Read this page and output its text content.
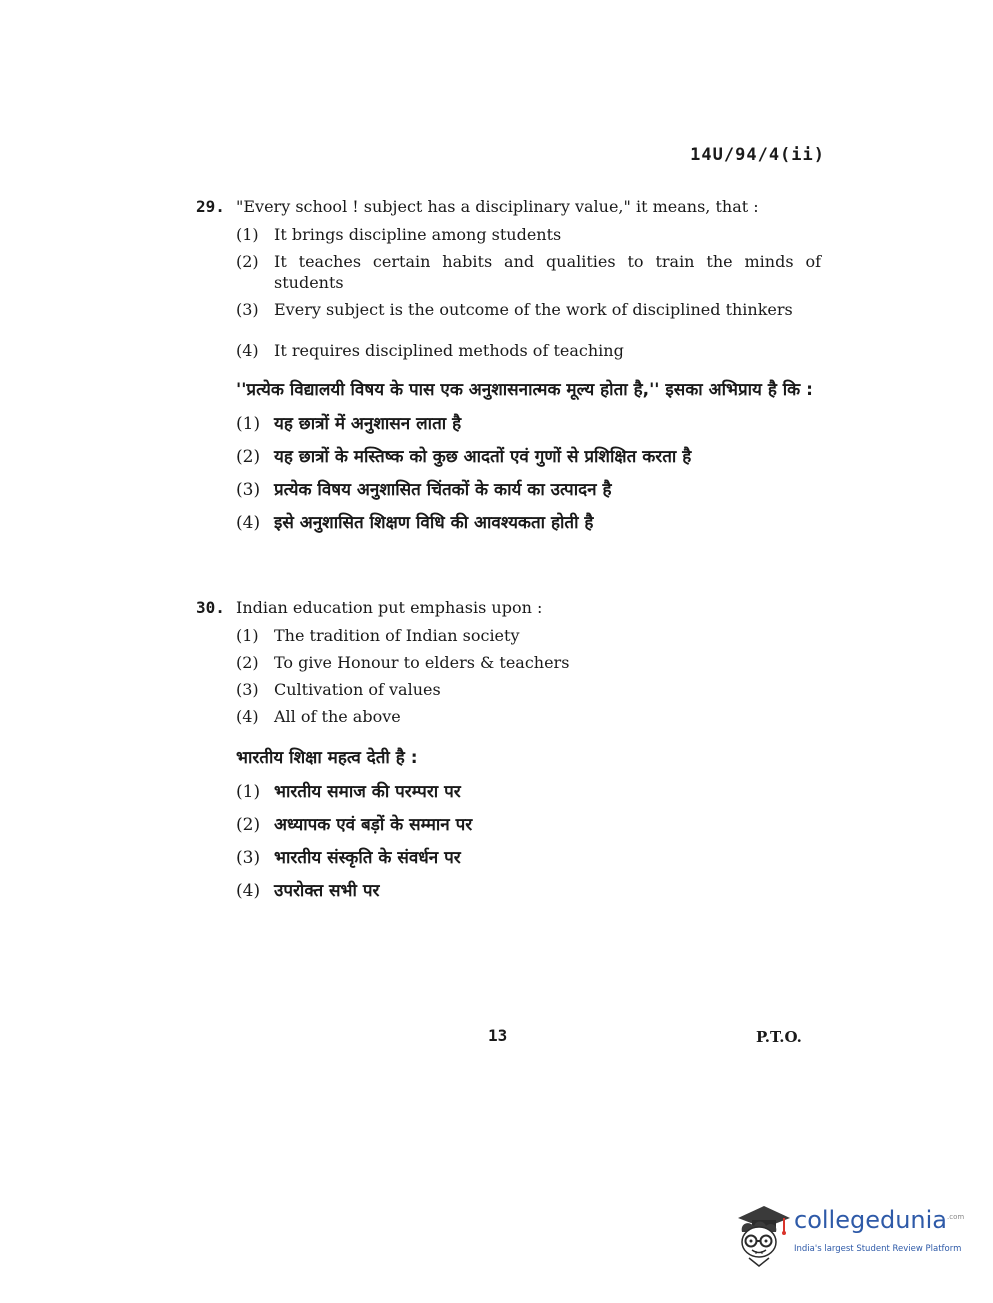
14U/94/4(ii)
29. "Every school ! subject has a disciplinary value," it means, that :
(1) It brings discipline among students
(2) It teaches certain habits and qualities to train the minds of students
(3) Every subject is the outcome of the work of disciplined thinkers
(4) It requires disciplined methods of teaching
''प्रत्येक विद्यालयी विषय के पास एक अनुशासनात्मक मूल्य होता है,'' इसका अभिप्राय है कि :
(1) यह छात्रों में अनुशासन लाता है
(2) यह छात्रों के मस्तिष्क को कुछ आदतों एवं गुणों से प्रशिक्षित करता है
(3) प्रत्येक विषय अनुशासित चिंतकों के कार्य का उत्पादन है
(4) इसे अनुशासित शिक्षण विधि की आवश्यकता होती है
30. Indian education put emphasis upon :
(1) The tradition of Indian society
(2) To give Honour to elders & teachers
(3) Cultivation of values
(4) All of the above
भारतीय शिक्षा महत्व देती है :
(1) भारतीय समाज की परम्परा पर
(2) अध्यापक एवं बड़ों के सम्मान पर
(3) भारतीय संस्कृति के संवर्धन पर
(4) उपरोक्त सभी पर
13	P.T.O.
collegedunia$^{.com}$
India's largest Student Review Platform
